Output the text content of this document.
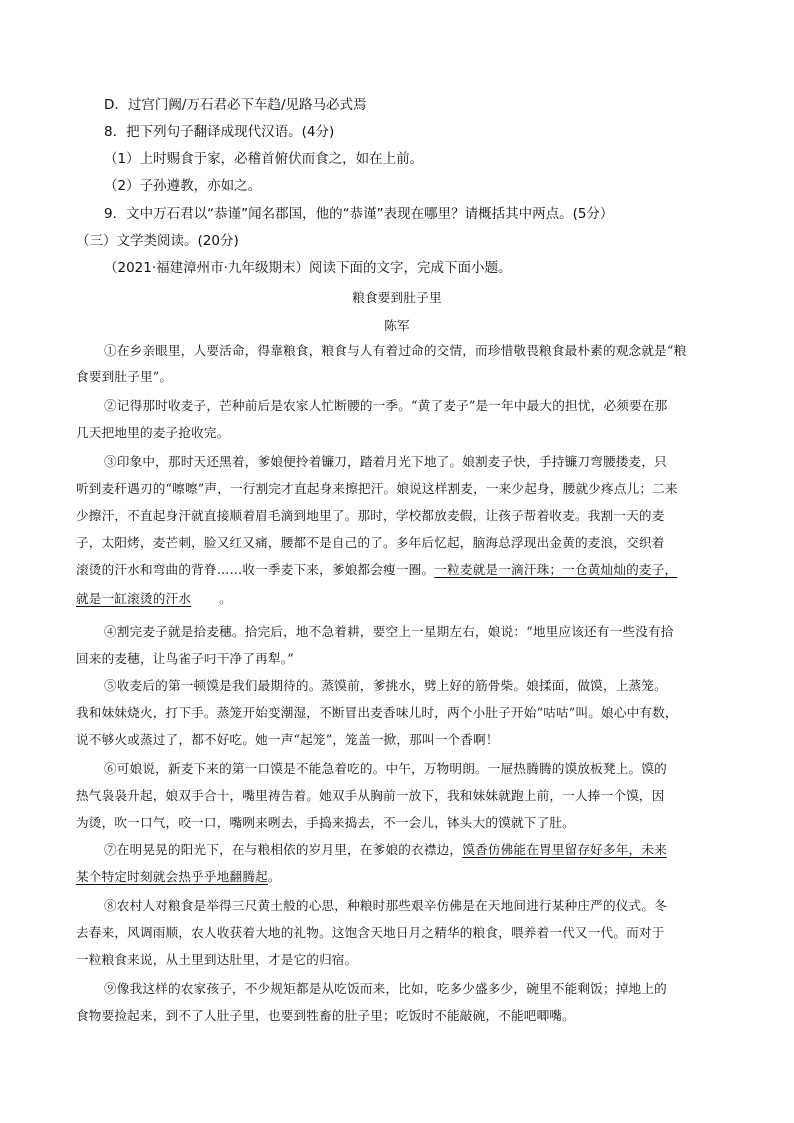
D．过宫门阙/万石君必下车趋/见路马必式焉
8．把下列句子翻译成现代汉语。(4分)
（1）上时赐食于家，必稽首俯伏而食之，如在上前。
（2）子孙遵教，亦如之。
9．文中万石君以“恭谨”闻名郡国，他的“恭谨”表现在哪里？请概括其中两点。(5分）
（三）文学类阅读。(20分)
（2021·福建漳州市·九年级期末）阅读下面的文字，完成下面小题。
粮食要到肚子里
陈军
①在乡亲眼里，人要活命，得靠粮食，粮食与人有着过命的交情，而珍惜敬畏粮食最朴素的观念就是“粮
食要到肚子里”。
②记得那时收麦子，芒种前后是农家人忙断腰的一季。“黄了麦子”是一年中最大的担忧，必须要在那
几天把地里的麦子抢收完。
③印象中，那时天还黑着，爹娘便拎着镰刀，踏着月光下地了。娘割麦子快，手持镰刀弯腰搂麦，只
听到麦秆遇刃的“嚓嚓”声，一行割完才直起身来擦把汗。娘说这样割麦，一来少起身，腰就少疼点儿；二来
少擦汗，不直起身汗就直接顺着眉毛滴到地里了。那时，学校都放麦假，让孩子帮着收麦。我割一天的麦
子，太阳烤，麦芒刺，脸又红又痛，腰都不是自己的了。多年后忆起，脑海总浮现出金黄的麦浪，交织着
滚烫的汗水和弯曲的背脊……收一季麦下来，爹娘都会瘦一圈。一粒麦就是一滴汗珠；一仓黄灿灿的麦子，
就是一缸滚烫的汗水 。
④割完麦子就是拾麦穗。拾完后，地不急着耕，要空上一星期左右，娘说：“地里应该还有一些没有拾
回来的麦穗，让鸟雀子叼干净了再犁。”
⑤收麦后的第一顿馍是我们最期待的。蒸馍前，爹挑水，劈上好的筋骨柴。娘揉面，做馍，上蒸笼。
我和妹妹烧火，打下手。蒸笼开始变潮湿，不断冒出麦香味儿时，两个小肚子开始“咕咕”叫。娘心中有数，
说不够火或蒸过了，都不好吃。她一声“起笼”，笼盖一掀，那叫一个香啊！
⑥可娘说，新麦下来的第一口馍是不能急着吃的。中午，万物明朗。一屉热腾腾的馍放板凳上。馍的
热气袅袅升起，娘双手合十，嘴里祷告着。她双手从胸前一放下，我和妹妹就跑上前，一人捧一个馍，因
为烫，吹一口气，咬一口，嘴咧来咧去，手捣来捣去，不一会儿，钵头大的馍就下了肚。
⑦在明晃晃的阳光下，在与粮相依的岁月里，在爹娘的衣襟边，馍香仿佛能在胃里留存好多年，未来
某个特定时刻就会热乎乎地翻腾起。
⑧农村人对粮食是举得三尺黄土般的心思，种粮时那些艰辛仿佛是在天地间进行某种庄严的仪式。冬
去春来，风调雨顺，农人收获着大地的礼物。这饱含天地日月之精华的粮食，喂养着一代又一代。而对于
一粒粮食来说，从土里到达肚里，才是它的归宿。
⑨像我这样的农家孩子，不少规矩都是从吃饭而来，比如，吃多少盛多少，碗里不能剩饭；掉地上的
食物要捡起来，到不了人肚子里，也要到牲畜的肚子里；吃饭时不能敲碗，不能吧唧嘴。
